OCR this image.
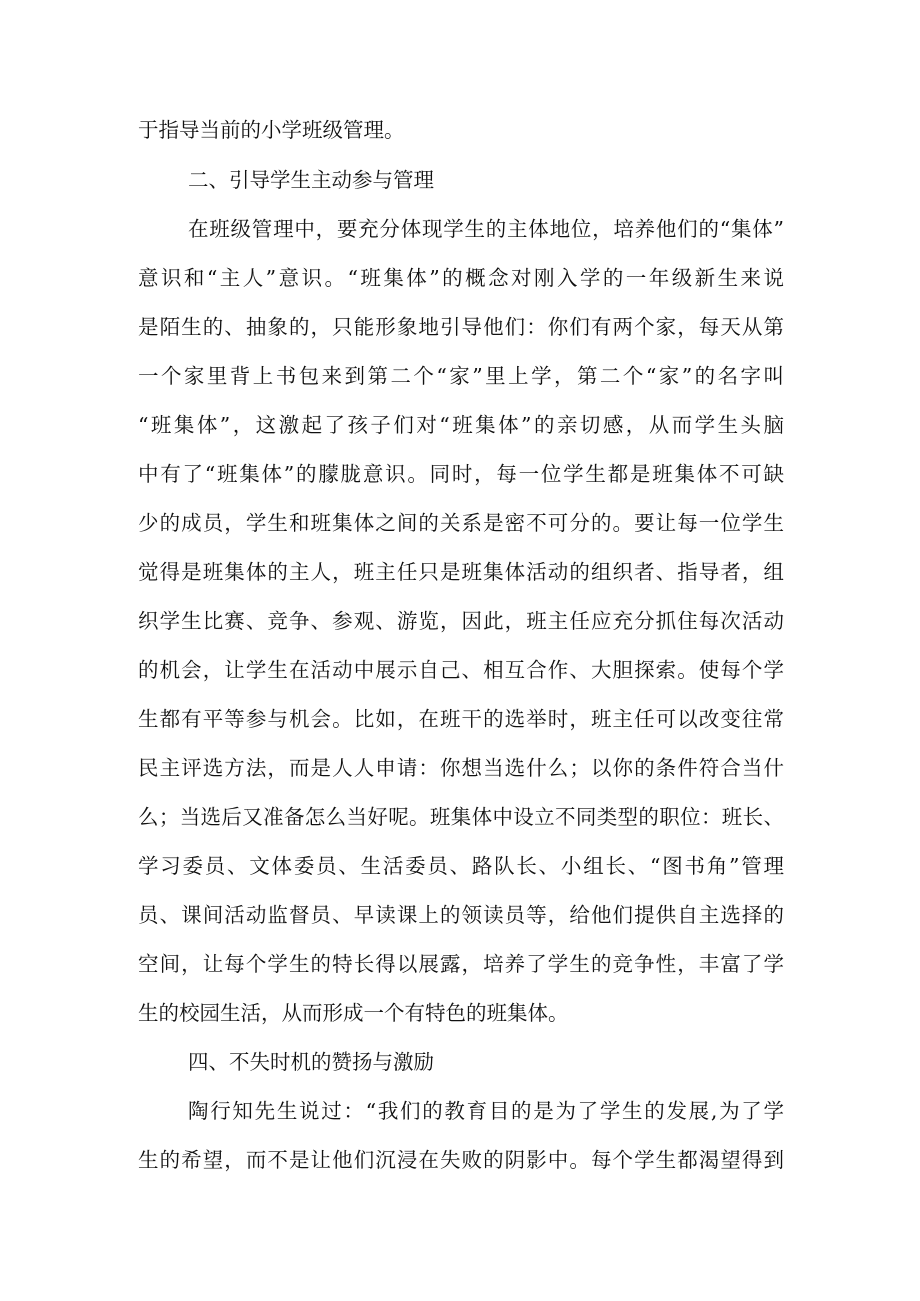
于指导当前的小学班级管理。
二、引导学生主动参与管理
在班级管理中，要充分体现学生的主体地位，培养他们的“集体”
意识和“主人”意识。“班集体”的概念对刚入学的一年级新生来说
是陌生的、抽象的，只能形象地引导他们：你们有两个家，每天从第
一个家里背上书包来到第二个“家”里上学，第二个“家”的名字叫
“班集体”，这激起了孩子们对“班集体”的亲切感，从而学生头脑
中有了“班集体”的朦胧意识。同时，每一位学生都是班集体不可缺
少的成员，学生和班集体之间的关系是密不可分的。要让每一位学生
觉得是班集体的主人，班主任只是班集体活动的组织者、指导者，组
织学生比赛、竞争、参观、游览，因此，班主任应充分抓住每次活动
的机会，让学生在活动中展示自己、相互合作、大胆探索。使每个学
生都有平等参与机会。比如，在班干的选举时，班主任可以改变往常
民主评选方法，而是人人申请：你想当选什么；以你的条件符合当什
么；当选后又准备怎么当好呢。班集体中设立不同类型的职位：班长、
学习委员、文体委员、生活委员、路队长、小组长、“图书角”管理
员、课间活动监督员、早读课上的领读员等，给他们提供自主选择的
空间，让每个学生的特长得以展露，培养了学生的竞争性，丰富了学
生的校园生活，从而形成一个有特色的班集体。
四、不失时机的赞扬与激励
陶行知先生说过：“我们的教育目的是为了学生的发展,为了学
生的希望，而不是让他们沉浸在失败的阴影中。每个学生都渴望得到
